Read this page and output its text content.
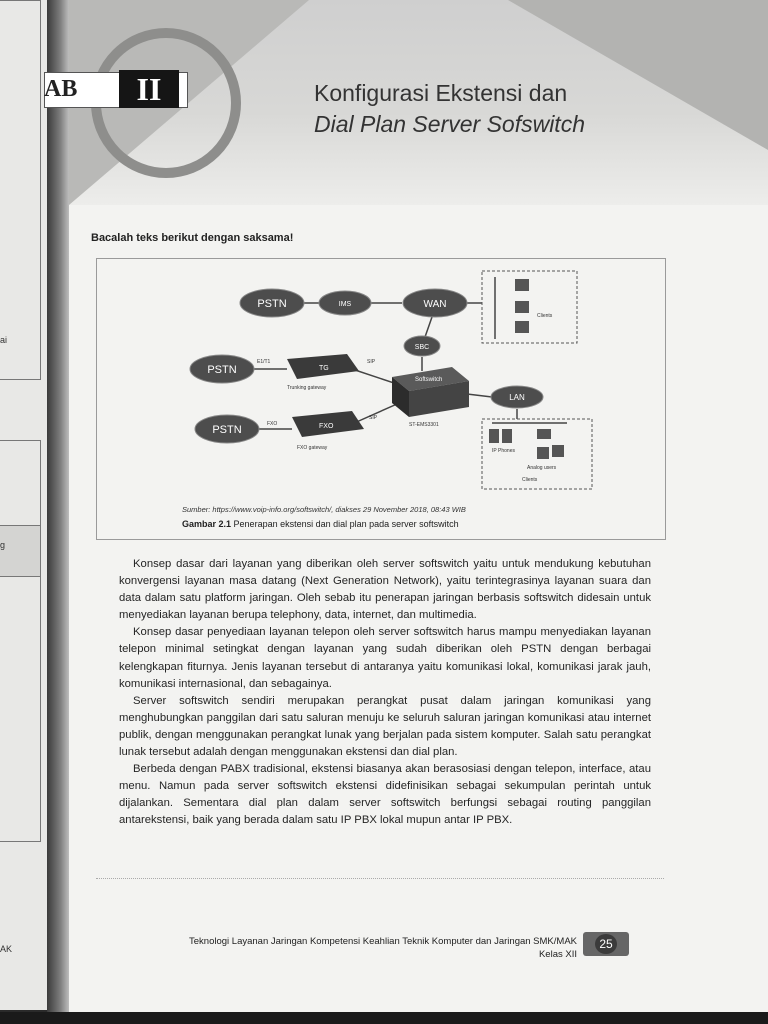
g
ai
AK
AB	II	Konfigurasi Ekstensi dan
Dial Plan Server Sofswitch
Bacalah teks berikut dengan saksama!
Clients
IP Phones
Analog users
Clients
PSTN	IMS	WAN
SBC
PSTN
PSTN
LAN
TG
FXO
Trunking gateway
FXO gateway
E1/T1	SIP
FXO
SIP
Softswitch
ST-EMS3301
Sumber: https://www.voip-info.org/softswitch/, diakses 29 November 2018, 08:43 WIB
Gambar 2.1 Penerapan ekstensi dan dial plan pada server softswitch

Konsep dasar dari layanan yang diberikan oleh server softswitch yaitu untuk mendukung kebutuhan konvergensi layanan masa datang (Next Generation Network), yaitu terintegrasinya layanan suara dan data dalam satu platform jaringan. Oleh sebab itu penerapan jaringan berbasis softswitch didesain untuk menyediakan layanan berupa telephony, data, internet, dan multimedia.

Konsep dasar penyediaan layanan telepon oleh server softswitch harus mampu menyediakan layanan telepon minimal setingkat dengan layanan yang sudah diberikan oleh PSTN dengan berbagai kelengkapan fiturnya. Jenis layanan tersebut di antaranya yaitu komunikasi lokal, komunikasi jarak jauh, komunikasi internasional, dan sebagainya.

Server softswitch sendiri merupakan perangkat pusat dalam jaringan komunikasi yang menghubungkan panggilan dari satu saluran menuju ke seluruh saluran jaringan komunikasi atau internet publik, dengan menggunakan perangkat lunak yang berjalan pada sistem komputer. Salah satu perangkat lunak tersebut adalah dengan menggunakan ekstensi dan dial plan.

Berbeda dengan PABX tradisional, ekstensi biasanya akan berasosiasi dengan telepon, interface, atau menu. Namun pada server softswitch ekstensi didefinisikan sebagai sekumpulan perintah untuk dijalankan. Sementara dial plan dalam server softswitch berfungsi sebagai routing panggilan antarekstensi, baik yang berada dalam satu IP PBX lokal mupun antar IP PBX.

Teknologi Layanan Jaringan Kompetensi Keahlian Teknik Komputer dan Jaringan SMK/MAK
Kelas XII
25
